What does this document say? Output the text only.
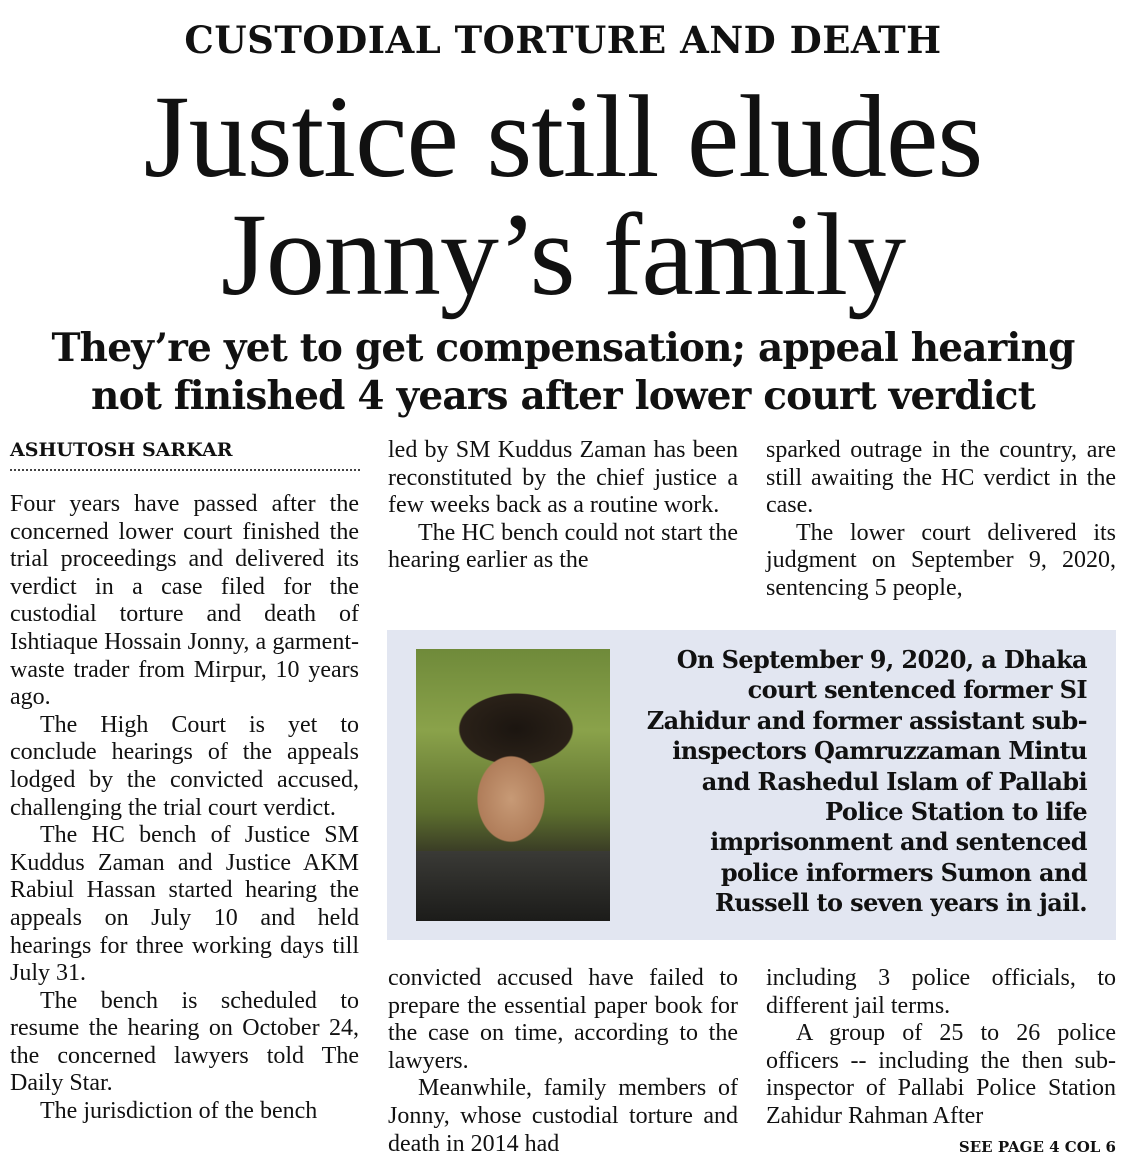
CUSTODIAL TORTURE AND DEATH
Justice still eludes
Jonny’s family
They’re yet to get compensation; appeal hearing
not finished 4 years after lower court verdict
ASHUTOSH SARKAR

Four years have passed after the concerned lower court finished the trial proceedings and delivered its verdict in a case filed for the custodial torture and death of Ishtiaque Hossain Jonny, a garment-waste trader from Mirpur, 10 years ago.

The High Court is yet to conclude hearings of the appeals lodged by the convicted accused, challenging the trial court verdict.

The HC bench of Justice SM Kuddus Zaman and Justice AKM Rabiul Hassan started hearing the appeals on July 10 and held hearings for three working days till July 31.

The bench is scheduled to resume the hearing on October 24, the concerned lawyers told The Daily Star.

The jurisdiction of the bench

led by SM Kuddus Zaman has been reconstituted by the chief justice a few weeks back as a routine work.

The HC bench could not start the hearing earlier as the

sparked outrage in the country, are still awaiting the HC verdict in the case.

The lower court delivered its judgment on September 9, 2020, sentencing 5 people,

On September 9, 2020, a Dhaka court sentenced former SI Zahidur and former assistant sub-inspectors Qamruzzaman Mintu and Rashedul Islam of Pallabi Police Station to life imprisonment and sentenced police informers Sumon and Russell to seven years in jail.

convicted accused have failed to prepare the essential paper book for the case on time, according to the lawyers.

Meanwhile, family members of Jonny, whose custodial torture and death in 2014 had

including 3 police officials, to different jail terms.

A group of 25 to 26 police officers -- including the then sub-inspector of Pallabi Police Station Zahidur Rahman After

SEE PAGE 4 COL 6
